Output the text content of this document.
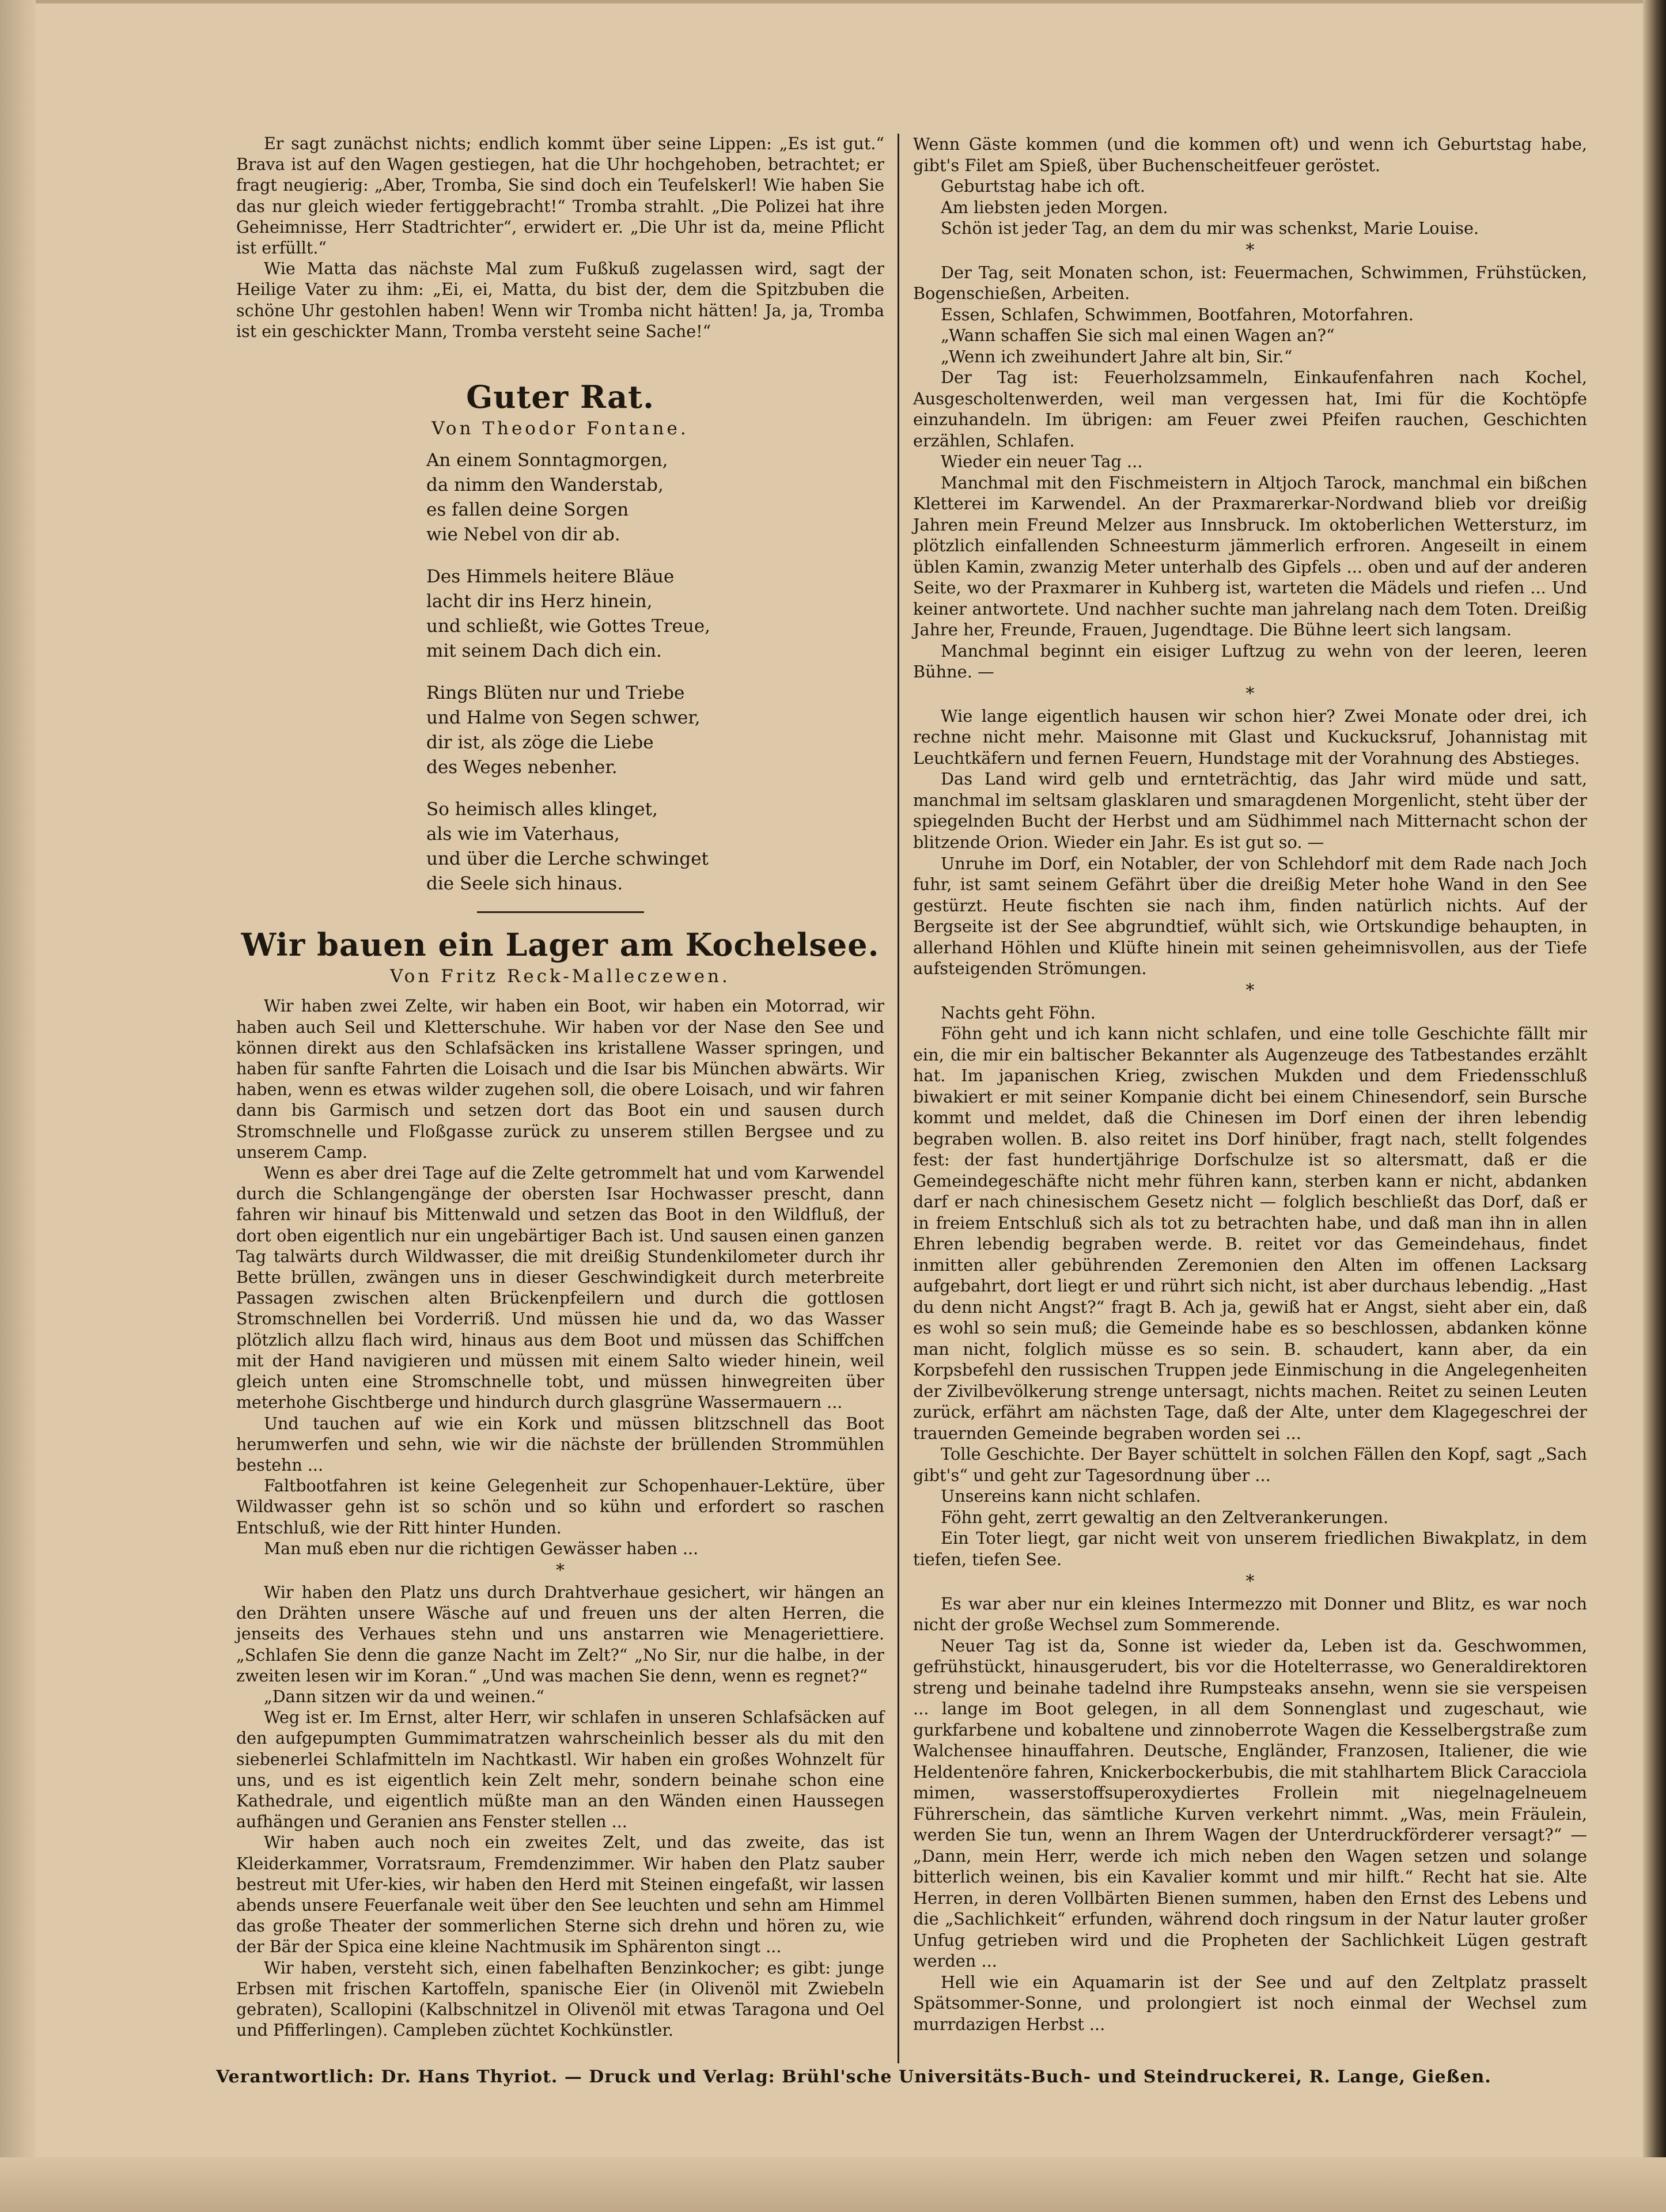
Er sagt zunächst nichts; endlich kommt über seine Lippen: „Es ist gut.“ Brava ist auf den Wagen gestiegen, hat die Uhr hochgehoben, betrachtet; er fragt neugierig: „Aber, Tromba, Sie sind doch ein Teufelskerl! Wie haben Sie das nur gleich wieder fertiggebracht!“ Tromba strahlt. „Die Polizei hat ihre Geheimnisse, Herr Stadtrichter“, erwidert er. „Die Uhr ist da, meine Pflicht ist erfüllt.“

Wie Matta das nächste Mal zum Fußkuß zugelassen wird, sagt der Heilige Vater zu ihm: „Ei, ei, Matta, du bist der, dem die Spitzbuben die schöne Uhr gestohlen haben! Wenn wir Tromba nicht hätten! Ja, ja, Tromba ist ein geschickter Mann, Tromba versteht seine Sache!“

Guter Rat.
Von Theodor Fontane.
An einem Sonntagmorgen,
da nimm den Wanderstab,
es fallen deine Sorgen
wie Nebel von dir ab.
Des Himmels heitere Bläue
lacht dir ins Herz hinein,
und schließt, wie Gottes Treue,
mit seinem Dach dich ein.
Rings Blüten nur und Triebe
und Halme von Segen schwer,
dir ist, als zöge die Liebe
des Weges nebenher.
So heimisch alles klinget,
als wie im Vaterhaus,
und über die Lerche schwinget
die Seele sich hinaus.
Wir bauen ein Lager am Kochelsee.
Von Fritz Reck-Malleczewen.

Wir haben zwei Zelte, wir haben ein Boot, wir haben ein Motorrad, wir haben auch Seil und Kletterschuhe. Wir haben vor der Nase den See und können direkt aus den Schlafsäcken ins kristallene Wasser springen, und haben für sanfte Fahrten die Loisach und die Isar bis München abwärts. Wir haben, wenn es etwas wilder zugehen soll, die obere Loisach, und wir fahren dann bis Garmisch und setzen dort das Boot ein und sausen durch Stromschnelle und Floßgasse zurück zu unserem stillen Bergsee und zu unserem Camp.

Wenn es aber drei Tage auf die Zelte getrommelt hat und vom Karwendel durch die Schlangengänge der obersten Isar Hochwasser prescht, dann fahren wir hinauf bis Mittenwald und setzen das Boot in den Wildfluß, der dort oben eigentlich nur ein ungebärtiger Bach ist. Und sausen einen ganzen Tag talwärts durch Wildwasser, die mit dreißig Stundenkilometer durch ihr Bette brüllen, zwängen uns in dieser Geschwindigkeit durch meterbreite Passagen zwischen alten Brückenpfeilern und durch die gottlosen Stromschnellen bei Vorderriß. Und müssen hie und da, wo das Wasser plötzlich allzu flach wird, hinaus aus dem Boot und müssen das Schiffchen mit der Hand navigieren und müssen mit einem Salto wieder hinein, weil gleich unten eine Stromschnelle tobt, und müssen hinwegreiten über meterhohe Gischtberge und hindurch durch glasgrüne Wassermauern ...

Und tauchen auf wie ein Kork und müssen blitzschnell das Boot herumwerfen und sehn, wie wir die nächste der brüllenden Strommühlen bestehn ...

Faltbootfahren ist keine Gelegenheit zur Schopenhauer-Lektüre, über Wildwasser gehn ist so schön und so kühn und erfordert so raschen Entschluß, wie der Ritt hinter Hunden.

Man muß eben nur die richtigen Gewässer haben ...

*

Wir haben den Platz uns durch Drahtverhaue gesichert, wir hängen an den Drähten unsere Wäsche auf und freuen uns der alten Herren, die jenseits des Verhaues stehn und uns anstarren wie Menageriettiere. „Schlafen Sie denn die ganze Nacht im Zelt?“ „No Sir, nur die halbe, in der zweiten lesen wir im Koran.“ „Und was machen Sie denn, wenn es regnet?“

„Dann sitzen wir da und weinen.“

Weg ist er. Im Ernst, alter Herr, wir schlafen in unseren Schlafsäcken auf den aufgepumpten Gummimatratzen wahrscheinlich besser als du mit den siebenerlei Schlafmitteln im Nachtkastl. Wir haben ein großes Wohnzelt für uns, und es ist eigentlich kein Zelt mehr, sondern beinahe schon eine Kathedrale, und eigentlich müßte man an den Wänden einen Haussegen aufhängen und Geranien ans Fenster stellen ...

Wir haben auch noch ein zweites Zelt, und das zweite, das ist Kleiderkammer, Vorratsraum, Fremdenzimmer. Wir haben den Platz sauber bestreut mit Ufer-kies, wir haben den Herd mit Steinen eingefaßt, wir lassen abends unsere Feuerfanale weit über den See leuchten und sehn am Himmel das große Theater der sommerlichen Sterne sich drehn und hören zu, wie der Bär der Spica eine kleine Nachtmusik im Sphärenton singt ...

Wir haben, versteht sich, einen fabelhaften Benzinkocher; es gibt: junge Erbsen mit frischen Kartoffeln, spanische Eier (in Olivenöl mit Zwiebeln gebraten), Scallopini (Kalbschnitzel in Olivenöl mit etwas Taragona und Oel und Pfifferlingen). Campleben züchtet Kochkünstler.

Wenn Gäste kommen (und die kommen oft) und wenn ich Geburtstag habe, gibt's Filet am Spieß, über Buchenscheitfeuer geröstet.

Geburtstag habe ich oft.

Am liebsten jeden Morgen.

Schön ist jeder Tag, an dem du mir was schenkst, Marie Louise.

*

Der Tag, seit Monaten schon, ist: Feuermachen, Schwimmen, Frühstücken, Bogenschießen, Arbeiten.

Essen, Schlafen, Schwimmen, Bootfahren, Motorfahren.

„Wann schaffen Sie sich mal einen Wagen an?“

„Wenn ich zweihundert Jahre alt bin, Sir.“

Der Tag ist: Feuerholzsammeln, Einkaufenfahren nach Kochel, Ausgescholtenwerden, weil man vergessen hat, Imi für die Kochtöpfe einzuhandeln. Im übrigen: am Feuer zwei Pfeifen rauchen, Geschichten erzählen, Schlafen.

Wieder ein neuer Tag ...

Manchmal mit den Fischmeistern in Altjoch Tarock, manchmal ein bißchen Kletterei im Karwendel. An der Praxmarerkar-Nordwand blieb vor dreißig Jahren mein Freund Melzer aus Innsbruck. Im oktoberlichen Wettersturz, im plötzlich einfallenden Schneesturm jämmerlich erfroren. Angeseilt in einem üblen Kamin, zwanzig Meter unterhalb des Gipfels ... oben und auf der anderen Seite, wo der Praxmarer in Kuhberg ist, warteten die Mädels und riefen ... Und keiner antwortete. Und nachher suchte man jahrelang nach dem Toten. Dreißig Jahre her, Freunde, Frauen, Jugendtage. Die Bühne leert sich langsam.

Manchmal beginnt ein eisiger Luftzug zu wehn von der leeren, leeren Bühne. —

*

Wie lange eigentlich hausen wir schon hier? Zwei Monate oder drei, ich rechne nicht mehr. Maisonne mit Glast und Kuckucksruf, Johannistag mit Leuchtkäfern und fernen Feuern, Hundstage mit der Vorahnung des Abstieges.

Das Land wird gelb und ernteträchtig, das Jahr wird müde und satt, manchmal im seltsam glasklaren und smaragdenen Morgenlicht, steht über der spiegelnden Bucht der Herbst und am Südhimmel nach Mitternacht schon der blitzende Orion. Wieder ein Jahr. Es ist gut so. —

Unruhe im Dorf, ein Notabler, der von Schlehdorf mit dem Rade nach Joch fuhr, ist samt seinem Gefährt über die dreißig Meter hohe Wand in den See gestürzt. Heute fischten sie nach ihm, finden natürlich nichts. Auf der Bergseite ist der See abgrundtief, wühlt sich, wie Ortskundige behaupten, in allerhand Höhlen und Klüfte hinein mit seinen geheimnisvollen, aus der Tiefe aufsteigenden Strömungen.

*

Nachts geht Föhn.

Föhn geht und ich kann nicht schlafen, und eine tolle Geschichte fällt mir ein, die mir ein baltischer Bekannter als Augenzeuge des Tatbestandes erzählt hat. Im japanischen Krieg, zwischen Mukden und dem Friedensschluß biwakiert er mit seiner Kompanie dicht bei einem Chinesendorf, sein Bursche kommt und meldet, daß die Chinesen im Dorf einen der ihren lebendig begraben wollen. B. also reitet ins Dorf hinüber, fragt nach, stellt folgendes fest: der fast hundertjährige Dorfschulze ist so altersmatt, daß er die Gemeindegeschäfte nicht mehr führen kann, sterben kann er nicht, abdanken darf er nach chinesischem Gesetz nicht — folglich beschließt das Dorf, daß er in freiem Entschluß sich als tot zu betrachten habe, und daß man ihn in allen Ehren lebendig begraben werde. B. reitet vor das Gemeindehaus, findet inmitten aller gebührenden Zeremonien den Alten im offenen Lacksarg aufgebahrt, dort liegt er und rührt sich nicht, ist aber durchaus lebendig. „Hast du denn nicht Angst?“ fragt B. Ach ja, gewiß hat er Angst, sieht aber ein, daß es wohl so sein muß; die Gemeinde habe es so beschlossen, abdanken könne man nicht, folglich müsse es so sein. B. schaudert, kann aber, da ein Korpsbefehl den russischen Truppen jede Einmischung in die Angelegenheiten der Zivilbevölkerung strenge untersagt, nichts machen. Reitet zu seinen Leuten zurück, erfährt am nächsten Tage, daß der Alte, unter dem Klagegeschrei der trauernden Gemeinde begraben worden sei ...

Tolle Geschichte. Der Bayer schüttelt in solchen Fällen den Kopf, sagt „Sach gibt's“ und geht zur Tagesordnung über ...

Unsereins kann nicht schlafen.

Föhn geht, zerrt gewaltig an den Zeltverankerungen.

Ein Toter liegt, gar nicht weit von unserem friedlichen Biwakplatz, in dem tiefen, tiefen See.

*

Es war aber nur ein kleines Intermezzo mit Donner und Blitz, es war noch nicht der große Wechsel zum Sommerende.

Neuer Tag ist da, Sonne ist wieder da, Leben ist da. Geschwommen, gefrühstückt, hinausgerudert, bis vor die Hotelterrasse, wo Generaldirektoren streng und beinahe tadelnd ihre Rumpsteaks ansehn, wenn sie sie verspeisen ... lange im Boot gelegen, in all dem Sonnenglast und zugeschaut, wie gurkfarbene und kobaltene und zinnoberrote Wagen die Kesselbergstraße zum Walchensee hinauffahren. Deutsche, Engländer, Franzosen, Italiener, die wie Heldentenöre fahren, Knickerbockerbubis, die mit stahlhartem Blick Caracciola mimen, wasserstoffsuperoxydiertes Frollein mit niegelnagelneuem Führerschein, das sämtliche Kurven verkehrt nimmt. „Was, mein Fräulein, werden Sie tun, wenn an Ihrem Wagen der Unterdruckförderer versagt?“ — „Dann, mein Herr, werde ich mich neben den Wagen setzen und solange bitterlich weinen, bis ein Kavalier kommt und mir hilft.“ Recht hat sie. Alte Herren, in deren Vollbärten Bienen summen, haben den Ernst des Lebens und die „Sachlichkeit“ erfunden, während doch ringsum in der Natur lauter großer Unfug getrieben wird und die Propheten der Sachlichkeit Lügen gestraft werden ...

Hell wie ein Aquamarin ist der See und auf den Zeltplatz prasselt Spätsommer-Sonne, und prolongiert ist noch einmal der Wechsel zum murrdazigen Herbst ...

Verantwortlich: Dr. Hans Thyriot. — Druck und Verlag: Brühl'sche Universitäts-Buch- und Steindruckerei, R. Lange, Gießen.
